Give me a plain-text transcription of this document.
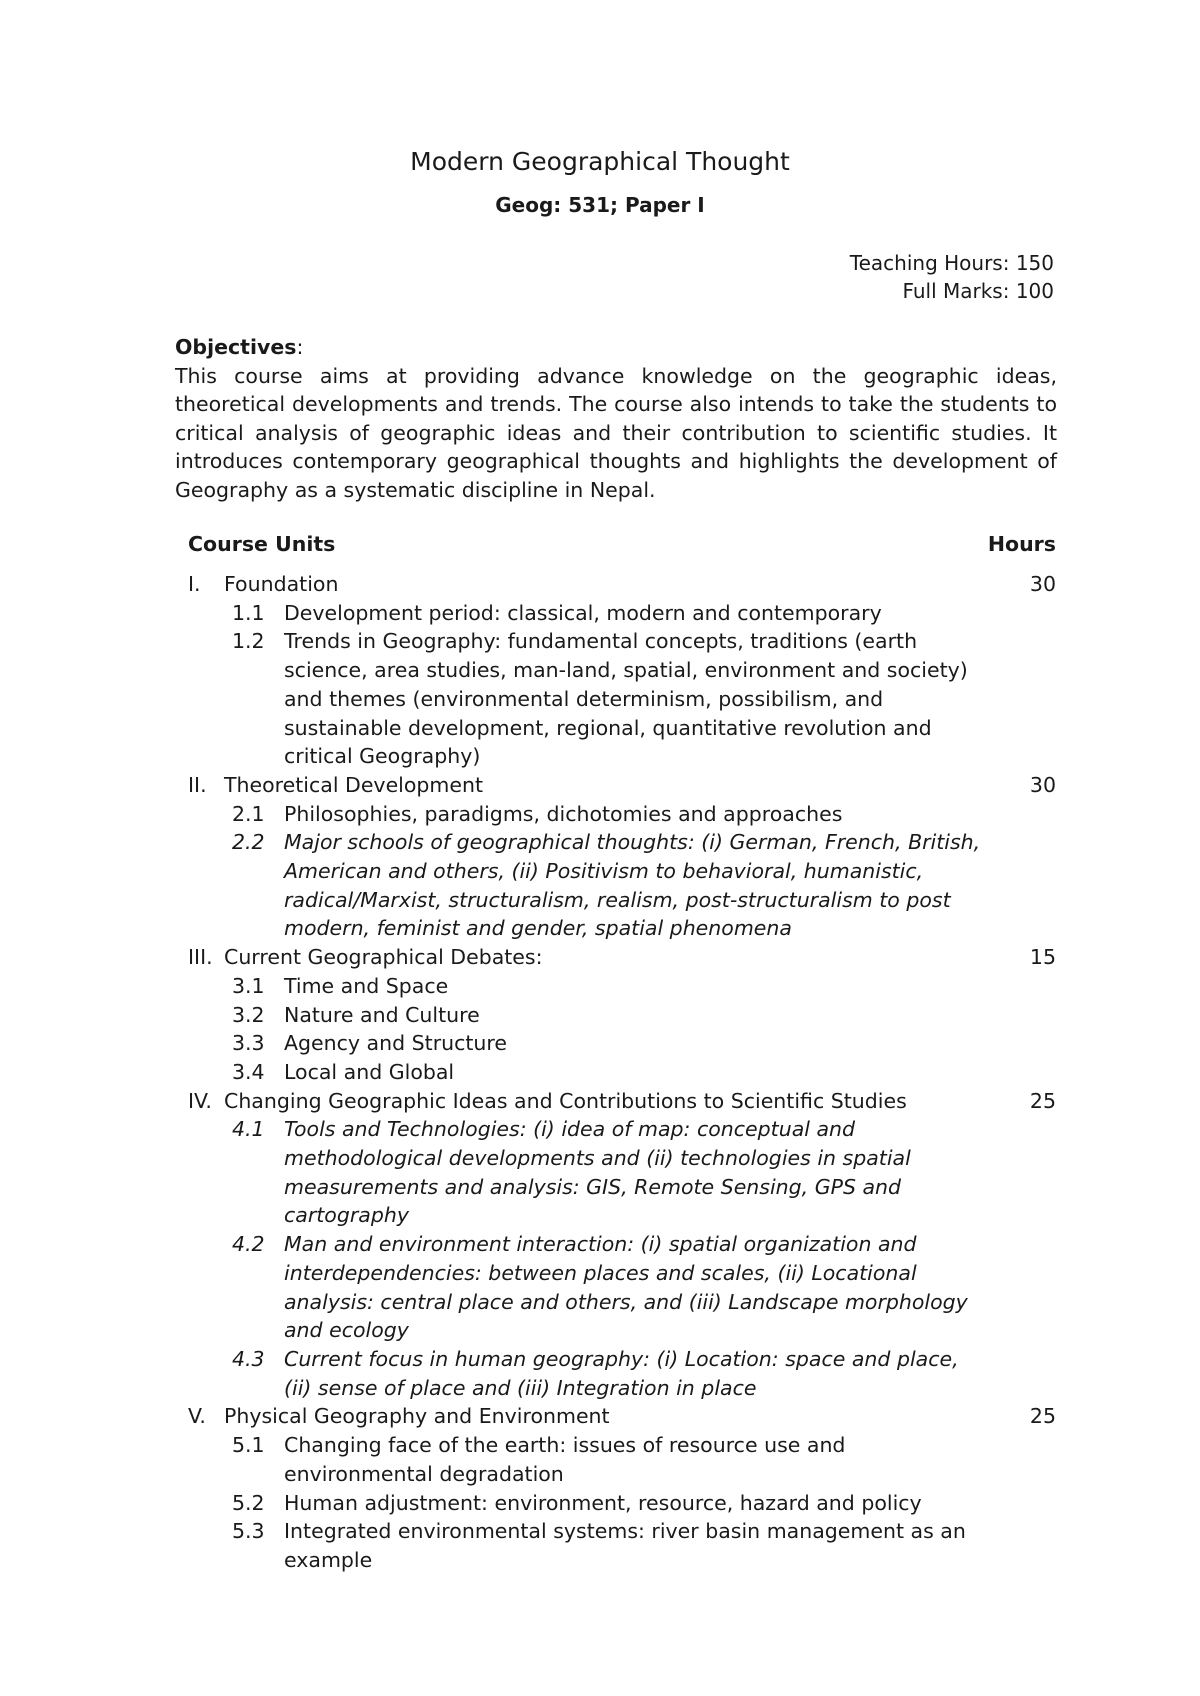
Modern Geographical Thought
Geog: 531; Paper I
Teaching Hours: 150
Full Marks: 100
Objectives:

This course aims at providing advance knowledge on the geographic ideas, theoretical developments and trends. The course also intends to take the students to critical analysis of geographic ideas and their contribution to scientific studies. It introduces contemporary geographical thoughts and highlights the development of Geography as a systematic discipline in Nepal.

Course Units	Hours
I. Foundation	30
1.1 Development period: classical, modern and contemporary
1.2 Trends in Geography: fundamental concepts, traditions (earth science, area studies, man-land, spatial, environment and society) and themes (environmental determinism, possibilism, and sustainable development, regional, quantitative revolution and critical Geography)
II. Theoretical Development	30
2.1 Philosophies, paradigms, dichotomies and approaches
2.2 Major schools of geographical thoughts: (i) German, French, British, American and others, (ii) Positivism to behavioral, humanistic, radical/Marxist, structuralism, realism, post-structuralism to post modern, feminist and gender, spatial phenomena
III. Current Geographical Debates:	15
3.1 Time and Space
3.2 Nature and Culture
3.3 Agency and Structure
3.4 Local and Global
IV. Changing Geographic Ideas and Contributions to Scientific Studies	25
4.1 Tools and Technologies: (i) idea of map: conceptual and methodological developments and (ii) technologies in spatial measurements and analysis: GIS, Remote Sensing, GPS and cartography
4.2 Man and environment interaction: (i) spatial organization and interdependencies: between places and scales, (ii) Locational analysis: central place and others, and (iii) Landscape morphology and ecology
4.3 Current focus in human geography: (i) Location: space and place, (ii) sense of place and (iii) Integration in place
V. Physical Geography and Environment	25
5.1 Changing face of the earth: issues of resource use and environmental degradation
5.2 Human adjustment: environment, resource, hazard and policy
5.3 Integrated environmental systems: river basin management as an example
